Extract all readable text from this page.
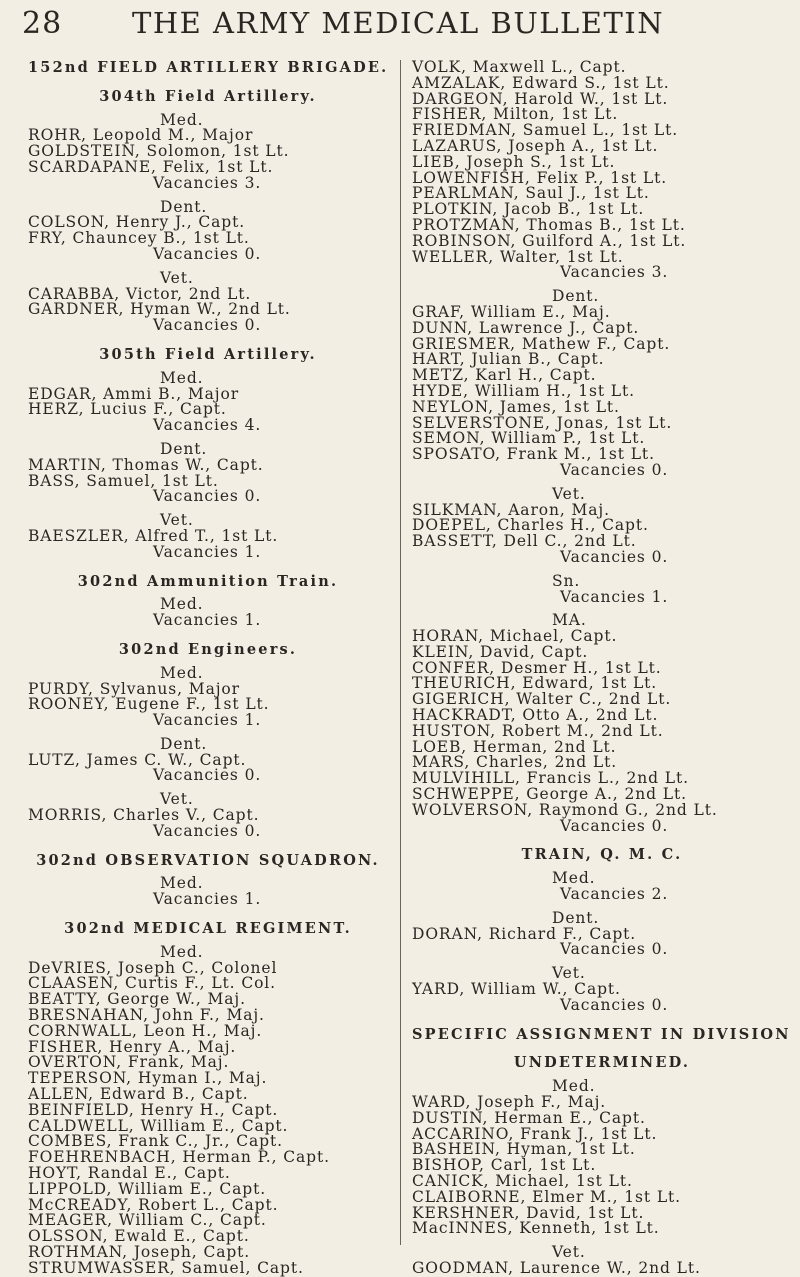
28 THE ARMY MEDICAL BULLETIN
152nd FIELD ARTILLERY BRIGADE.
304th Field Artillery.
Med.
ROHR, Leopold M., Major
GOLDSTEIN, Solomon, 1st Lt.
SCARDAPANE, Felix, 1st Lt.
Vacancies 3.
Dent.
COLSON, Henry J., Capt.
FRY, Chauncey B., 1st Lt.
Vacancies 0.
Vet.
CARABBA, Victor, 2nd Lt.
GARDNER, Hyman W., 2nd Lt.
Vacancies 0.
305th Field Artillery.
Med.
EDGAR, Ammi B., Major
HERZ, Lucius F., Capt.
Vacancies 4.
Dent.
MARTIN, Thomas W., Capt.
BASS, Samuel, 1st Lt.
Vacancies 0.
Vet.
BAESZLER, Alfred T., 1st Lt.
Vacancies 1.
302nd Ammunition Train.
Med.
Vacancies 1.
302nd Engineers.
Med.
PURDY, Sylvanus, Major
ROONEY, Eugene F., 1st Lt.
Vacancies 1.
Dent.
LUTZ, James C. W., Capt.
Vacancies 0.
Vet.
MORRIS, Charles V., Capt.
Vacancies 0.
302nd OBSERVATION SQUADRON.
Med.
Vacancies 1.
302nd MEDICAL REGIMENT.
Med.
DeVRIES, Joseph C., Colonel
CLAASEN, Curtis F., Lt. Col.
BEATTY, George W., Maj.
BRESNAHAN, John F., Maj.
CORNWALL, Leon H., Maj.
FISHER, Henry A., Maj.
OVERTON, Frank, Maj.
TEPERSON, Hyman I., Maj.
ALLEN, Edward B., Capt.
BEINFIELD, Henry H., Capt.
CALDWELL, William E., Capt.
COMBES, Frank C., Jr., Capt.
FOEHRENBACH, Herman P., Capt.
HOYT, Randal E., Capt.
LIPPOLD, William E., Capt.
McCREADY, Robert L., Capt.
MEAGER, William C., Capt.
OLSSON, Ewald E., Capt.
ROTHMAN, Joseph, Capt.
STRUMWASSER, Samuel, Capt.
VOLK, Maxwell L., Capt.
AMZALAK, Edward S., 1st Lt.
DARGEON, Harold W., 1st Lt.
FISHER, Milton, 1st Lt.
FRIEDMAN, Samuel L., 1st Lt.
LAZARUS, Joseph A., 1st Lt.
LIEB, Joseph S., 1st Lt.
LOWENFISH, Felix P., 1st Lt.
PEARLMAN, Saul J., 1st Lt.
PLOTKIN, Jacob B., 1st Lt.
PROTZMAN, Thomas B., 1st Lt.
ROBINSON, Guilford A., 1st Lt.
WELLER, Walter, 1st Lt.
Vacancies 3.
Dent.
GRAF, William E., Maj.
DUNN, Lawrence J., Capt.
GRIESMER, Mathew F., Capt.
HART, Julian B., Capt.
METZ, Karl H., Capt.
HYDE, William H., 1st Lt.
NEYLON, James, 1st Lt.
SELVERSTONE, Jonas, 1st Lt.
SEMON, William P., 1st Lt.
SPOSATO, Frank M., 1st Lt.
Vacancies 0.
Vet.
SILKMAN, Aaron, Maj.
DOEPEL, Charles H., Capt.
BASSETT, Dell C., 2nd Lt.
Vacancies 0.
Sn.
Vacancies 1.
MA.
HORAN, Michael, Capt.
KLEIN, David, Capt.
CONFER, Desmer H., 1st Lt.
THEURICH, Edward, 1st Lt.
GIGERICH, Walter C., 2nd Lt.
HACKRADT, Otto A., 2nd Lt.
HUSTON, Robert M., 2nd Lt.
LOEB, Herman, 2nd Lt.
MARS, Charles, 2nd Lt.
MULVIHILL, Francis L., 2nd Lt.
SCHWEPPE, George A., 2nd Lt.
WOLVERSON, Raymond G., 2nd Lt.
Vacancies 0.
TRAIN, Q. M. C.
Med.
Vacancies 2.
Dent.
DORAN, Richard F., Capt.
Vacancies 0.
Vet.
YARD, William W., Capt.
Vacancies 0.
SPECIFIC ASSIGNMENT IN DIVISION
UNDETERMINED.
Med.
WARD, Joseph F., Maj.
DUSTIN, Herman E., Capt.
ACCARINO, Frank J., 1st Lt.
BASHEIN, Hyman, 1st Lt.
BISHOP, Carl, 1st Lt.
CANICK, Michael, 1st Lt.
CLAIBORNE, Elmer M., 1st Lt.
KERSHNER, David, 1st Lt.
MacINNES, Kenneth, 1st Lt.
Vet.
GOODMAN, Laurence W., 2nd Lt.
